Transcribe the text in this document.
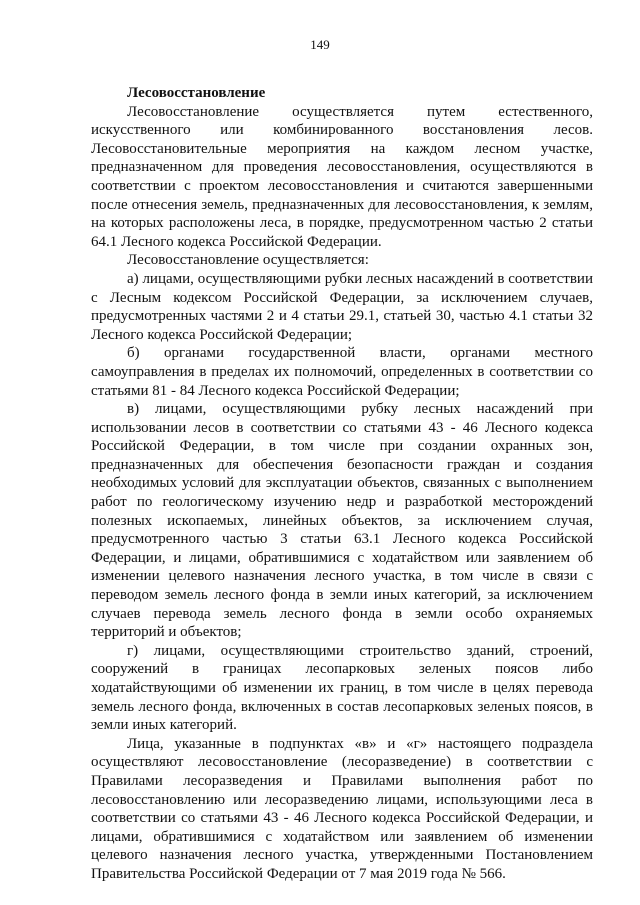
149

Лесовосстановление

Лесовосстановление осуществляется путем естественного, искусственного или комбинированного восстановления лесов. Лесовосстановительные мероприятия на каждом лесном участке, предназначенном для проведения лесовосстановления, осуществляются в соответствии с проектом лесовосстановления и считаются завершенными после отнесения земель, предназначенных для лесовосстановления, к землям, на которых расположены леса, в порядке, предусмотренном частью 2 статьи 64.1 Лесного кодекса Российской Федерации.

Лесовосстановление осуществляется:

а) лицами, осуществляющими рубки лесных насаждений в соответствии с Лесным кодексом Российской Федерации, за исключением случаев, предусмотренных частями 2 и 4 статьи 29.1, статьей 30, частью 4.1 статьи 32 Лесного кодекса Российской Федерации;

б) органами государственной власти, органами местного самоуправления в пределах их полномочий, определенных в соответствии со статьями 81 - 84 Лесного кодекса Российской Федерации;

в) лицами, осуществляющими рубку лесных насаждений при использовании лесов в соответствии со статьями 43 - 46 Лесного кодекса Российской Федерации, в том числе при создании охранных зон, предназначенных для обеспечения безопасности граждан и создания необходимых условий для эксплуатации объектов, связанных с выполнением работ по геологическому изучению недр и разработкой месторождений полезных ископаемых, линейных объектов, за исключением случая, предусмотренного частью 3 статьи 63.1 Лесного кодекса Российской Федерации, и лицами, обратившимися с ходатайством или заявлением об изменении целевого назначения лесного участка, в том числе в связи с переводом земель лесного фонда в земли иных категорий, за исключением случаев перевода земель лесного фонда в земли особо охраняемых территорий и объектов;

г) лицами, осуществляющими строительство зданий, строений, сооружений в границах лесопарковых зеленых поясов либо ходатайствующими об изменении их границ, в том числе в целях перевода земель лесного фонда, включенных в состав лесопарковых зеленых поясов, в земли иных категорий.

Лица, указанные в подпунктах «в» и «г» настоящего подраздела осуществляют лесовосстановление (лесоразведение) в соответствии с Правилами лесоразведения и Правилами выполнения работ по лесовосстановлению или лесоразведению лицами, использующими леса в соответствии со статьями 43 - 46 Лесного кодекса Российской Федерации, и лицами, обратившимися с ходатайством или заявлением об изменении целевого назначения лесного участка, утвержденными Постановлением Правительства Российской Федерации от 7 мая 2019 года № 566.
